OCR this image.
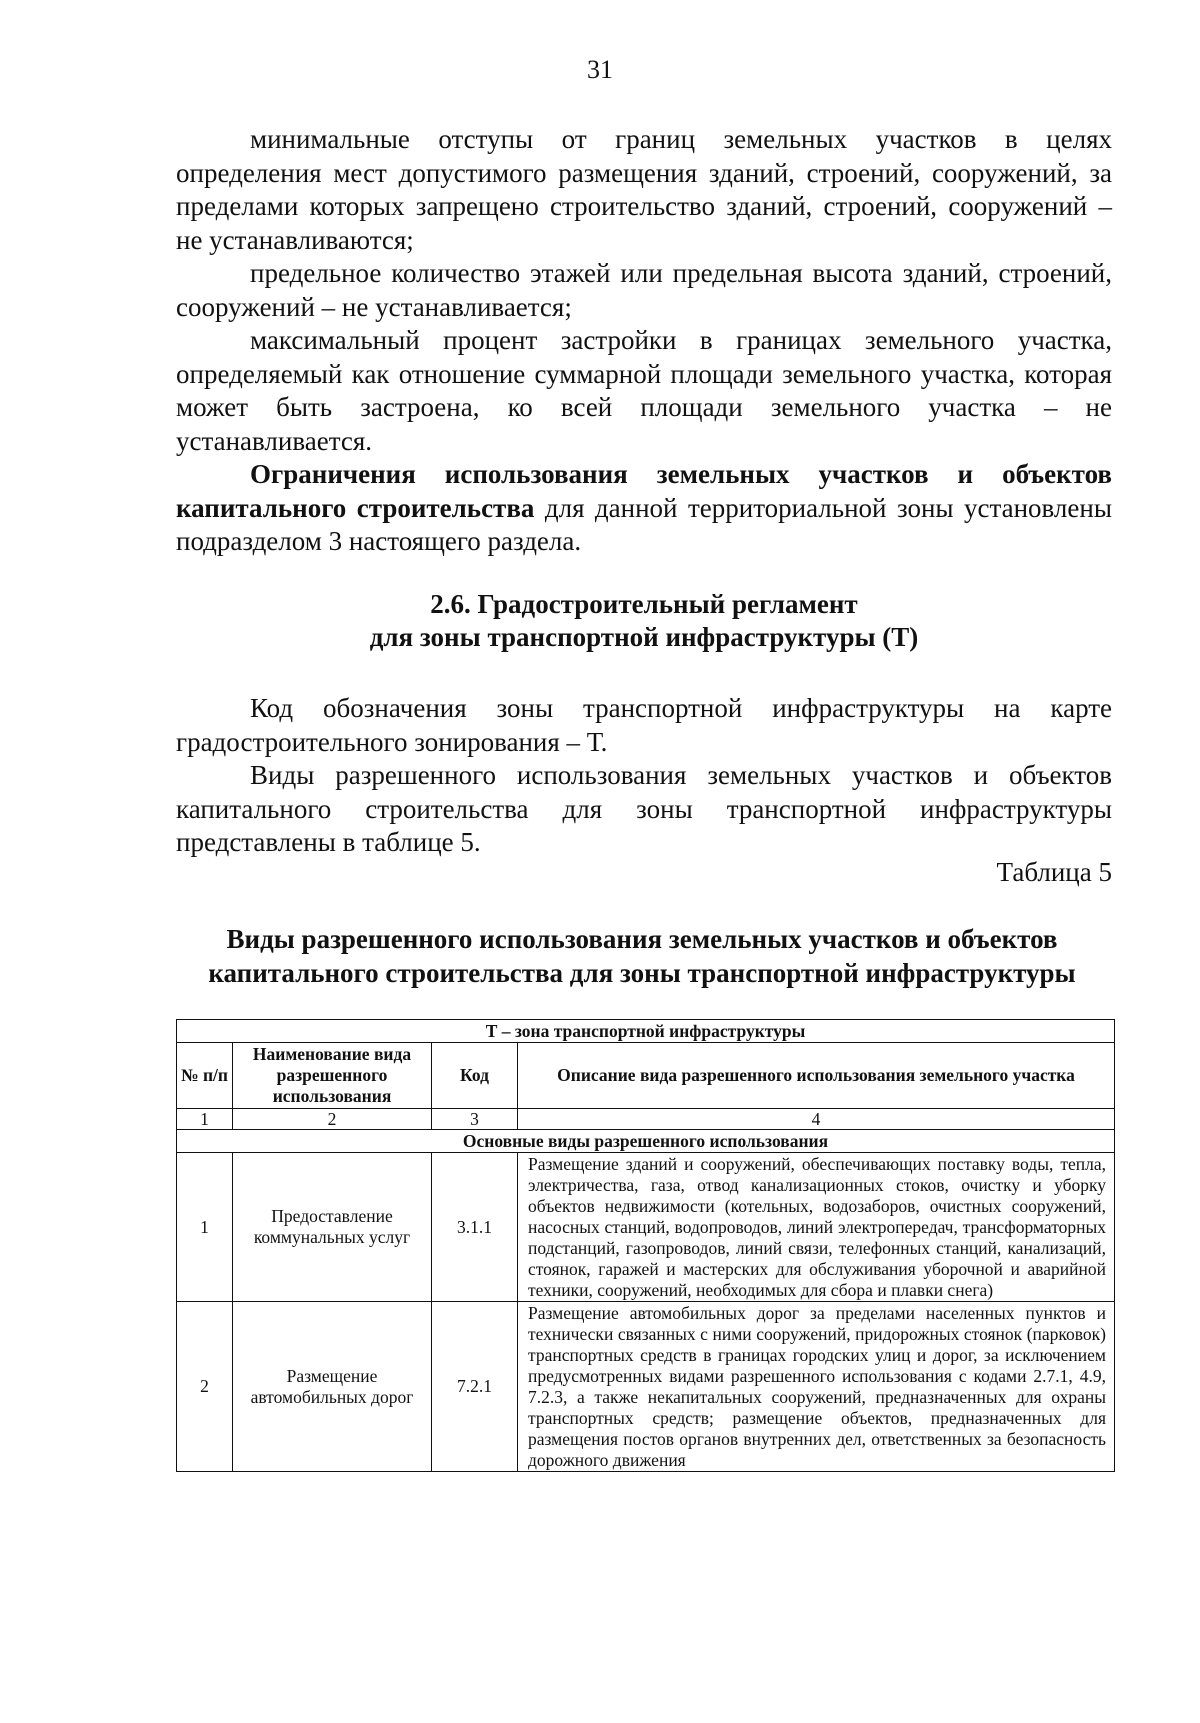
31

минимальные отступы от границ земельных участков в целях определения мест допустимого размещения зданий, строений, сооружений, за пределами которых запрещено строительство зданий, строений, сооружений – не устанавливаются;

предельное количество этажей или предельная высота зданий, строений, сооружений – не устанавливается;

максимальный процент застройки в границах земельного участка, определяемый как отношение суммарной площади земельного участка, которая может быть застроена, ко всей площади земельного участка – не устанавливается.

Ограничения использования земельных участков и объектов капитального строительства для данной территориальной зоны установлены подразделом 3 настоящего раздела.

2.6. Градостроительный регламент
для зоны транспортной инфраструктуры (Т)

Код обозначения зоны транспортной инфраструктуры на карте градостроительного зонирования – Т.

Виды разрешенного использования земельных участков и объектов капитального строительства для зоны транспортной инфраструктуры представлены в таблице 5.

Таблица 5
Виды разрешенного использования земельных участков и объектов
капитального строительства для зоны транспортной инфраструктуры
Т – зона транспортной инфраструктуры			
№ п/п	Наименование вида разрешенного использования	Код	Описание вида разрешенного использования земельного участка
1	2	3	4
Основные виды разрешенного использования			
1	Предоставление коммунальных услуг	3.1.1	Размещение зданий и сооружений, обеспечивающих поставку воды, тепла, электричества, газа, отвод канализационных стоков, очистку и уборку объектов недвижимости (котельных, водозаборов, очистных сооружений, насосных станций, водопроводов, линий электропередач, трансформаторных подстанций, газопроводов, линий связи, телефонных станций, канализаций, стоянок, гаражей и мастерских для обслуживания уборочной и аварийной техники, сооружений, необходимых для сбора и плавки снега)
2	Размещение автомобильных дорог	7.2.1	Размещение автомобильных дорог за пределами населенных пунктов и технически связанных с ними сооружений, придорожных стоянок (парковок) транспортных средств в границах городских улиц и дорог, за исключением предусмотренных видами разрешенного использования с кодами 2.7.1, 4.9, 7.2.3, а также некапитальных сооружений, предназначенных для охраны транспортных средств; размещение объектов, предназначенных для размещения постов органов внутренних дел, ответственных за безопасность дорожного движения
